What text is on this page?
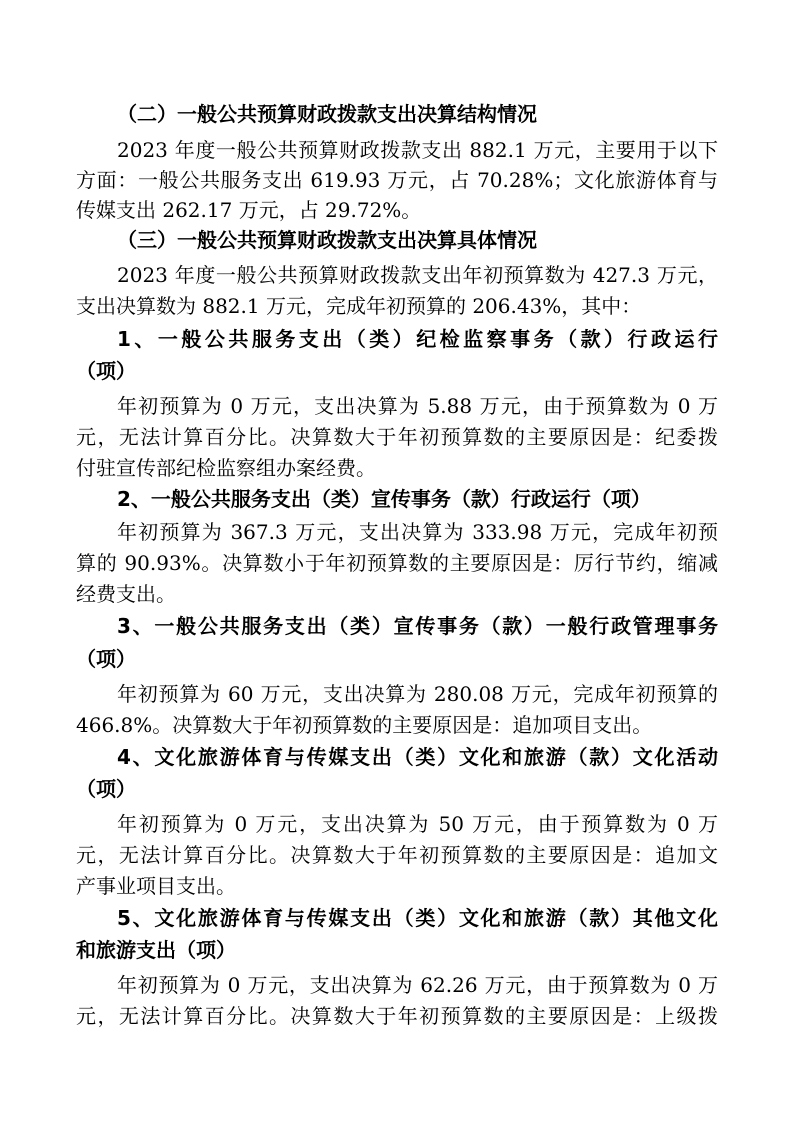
（二）一般公共预算财政拨款支出决算结构情况
2023 年度一般公共预算财政拨款支出 882.1 万元，主要用于以下
方面：一般公共服务支出 619.93 万元，占 70.28%；文化旅游体育与
传媒支出 262.17 万元，占 29.72%。
（三）一般公共预算财政拨款支出决算具体情况
2023 年度一般公共预算财政拨款支出年初预算数为 427.3 万元，
支出决算数为 882.1 万元，完成年初预算的 206.43%，其中：
1、一般公共服务支出（类）纪检监察事务（款）行政运行
（项）
年初预算为 0 万元，支出决算为 5.88 万元，由于预算数为 0 万
元，无法计算百分比。决算数大于年初预算数的主要原因是：纪委拨
付驻宣传部纪检监察组办案经费。
2、一般公共服务支出（类）宣传事务（款）行政运行（项）
年初预算为 367.3 万元，支出决算为 333.98 万元，完成年初预
算的 90.93%。决算数小于年初预算数的主要原因是：厉行节约，缩减
经费支出。
3、一般公共服务支出（类）宣传事务（款）一般行政管理事务
（项）
年初预算为 60 万元，支出决算为 280.08 万元，完成年初预算的
466.8%。决算数大于年初预算数的主要原因是：追加项目支出。
4、文化旅游体育与传媒支出（类）文化和旅游（款）文化活动
（项）
年初预算为 0 万元，支出决算为 50 万元，由于预算数为 0 万
元，无法计算百分比。决算数大于年初预算数的主要原因是：追加文
产事业项目支出。
5、文化旅游体育与传媒支出（类）文化和旅游（款）其他文化
和旅游支出（项）
年初预算为 0 万元，支出决算为 62.26 万元，由于预算数为 0 万
元，无法计算百分比。决算数大于年初预算数的主要原因是：上级拨
